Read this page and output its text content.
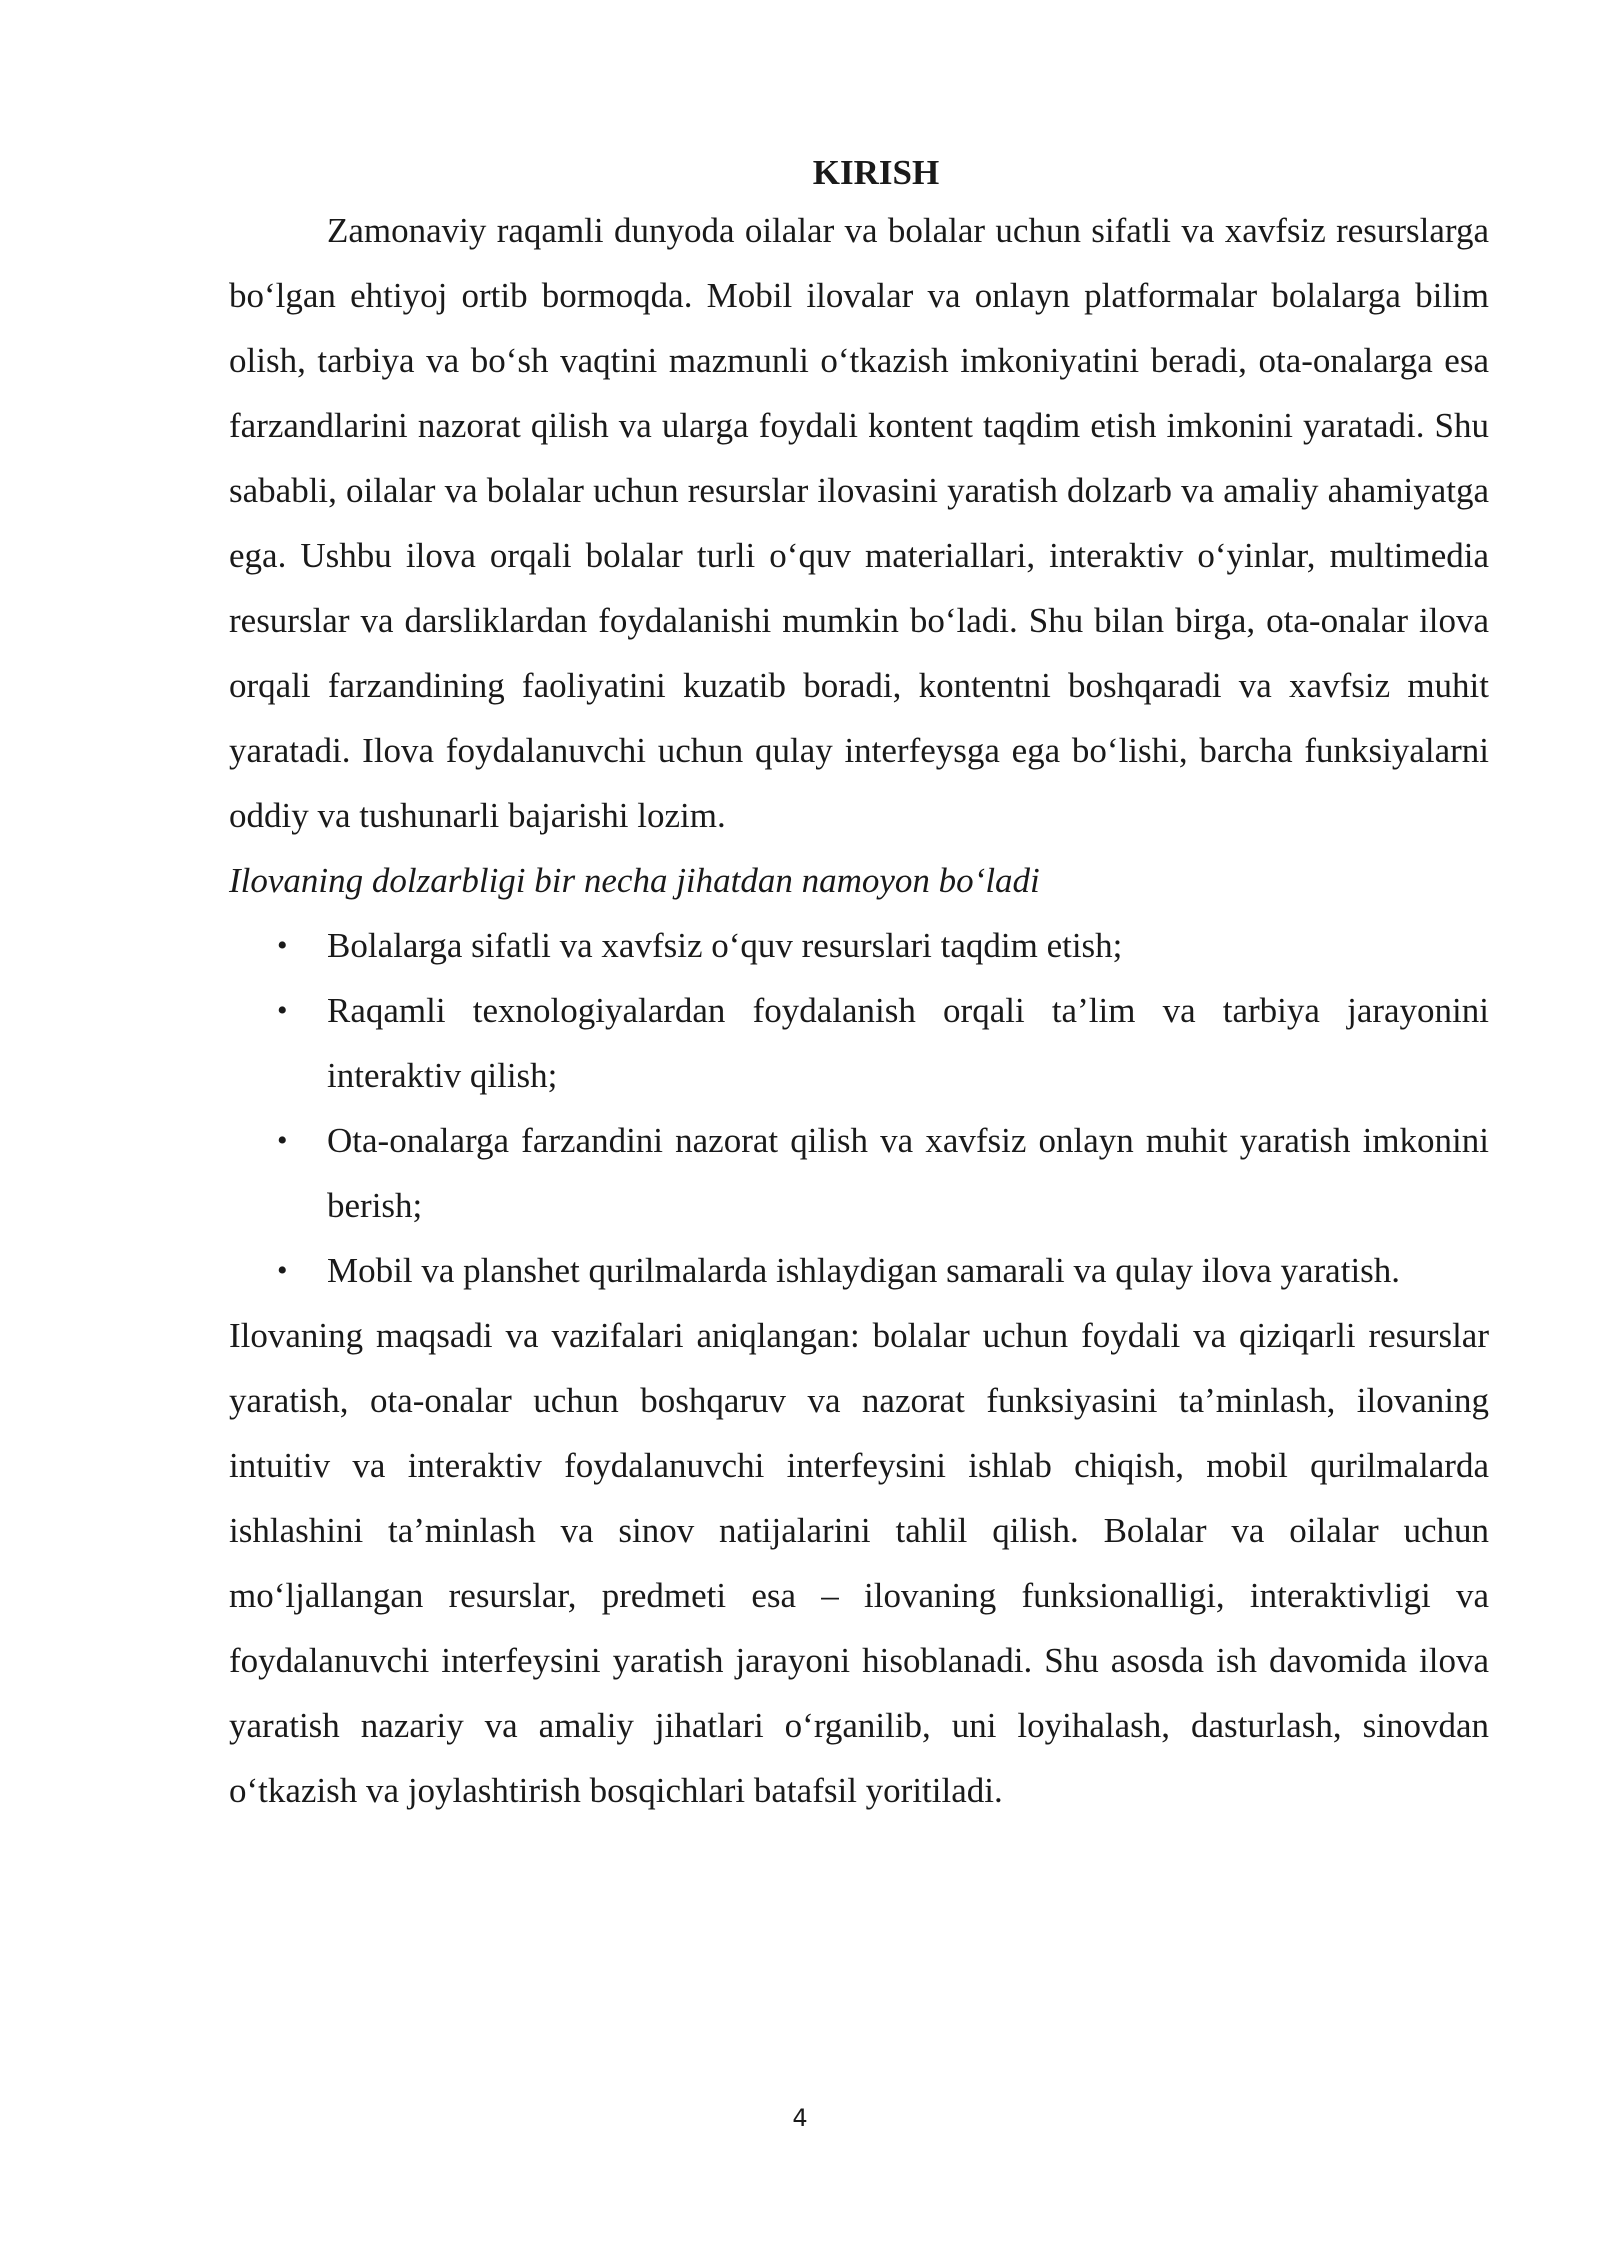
KIRISH

Zamonaviy raqamli dunyoda oilalar va bolalar uchun sifatli va xavfsiz resurslarga bo‘lgan ehtiyoj ortib bormoqda. Mobil ilovalar va onlayn platformalar bolalarga bilim olish, tarbiya va bo‘sh vaqtini mazmunli o‘tkazish imkoniyatini beradi, ota-onalarga esa farzandlarini nazorat qilish va ularga foydali kontent taqdim etish imkonini yaratadi. Shu sababli, oilalar va bolalar uchun resurslar ilovasini yaratish dolzarb va amaliy ahamiyatga ega. Ushbu ilova orqali bolalar turli o‘quv materiallari, interaktiv o‘yinlar, multimedia resurslar va darsliklardan foydalanishi mumkin bo‘ladi. Shu bilan birga, ota-onalar ilova orqali farzandining faoliyatini kuzatib boradi, kontentni boshqaradi va xavfsiz muhit yaratadi. Ilova foydalanuvchi uchun qulay interfeysga ega bo‘lishi, barcha funksiyalarni oddiy va tushunarli bajarishi lozim.

Ilovaning dolzarbligi bir necha jihatdan namoyon bo‘ladi

• Bolalarga sifatli va xavfsiz o‘quv resurslari taqdim etish;
• Raqamli texnologiyalardan foydalanish orqali ta’lim va tarbiya jarayonini interaktiv qilish;
• Ota-onalarga farzandini nazorat qilish va xavfsiz onlayn muhit yaratish imkonini berish;
• Mobil va planshet qurilmalarda ishlaydigan samarali va qulay ilova yaratish.

Ilovaning maqsadi va vazifalari aniqlangan: bolalar uchun foydali va qiziqarli resurslar yaratish, ota-onalar uchun boshqaruv va nazorat funksiyasini ta’minlash, ilovaning intuitiv va interaktiv foydalanuvchi interfeysini ishlab chiqish, mobil qurilmalarda ishlashini ta’minlash va sinov natijalarini tahlil qilish. Bolalar va oilalar uchun mo‘ljallangan resurslar, predmeti esa – ilovaning funksionalligi, interaktivligi va foydalanuvchi interfeysini yaratish jarayoni hisoblanadi. Shu asosda ish davomida ilova yaratish nazariy va amaliy jihatlari o‘rganilib, uni loyihalash, dasturlash, sinovdan o‘tkazish va joylashtirish bosqichlari batafsil yoritiladi.

4
